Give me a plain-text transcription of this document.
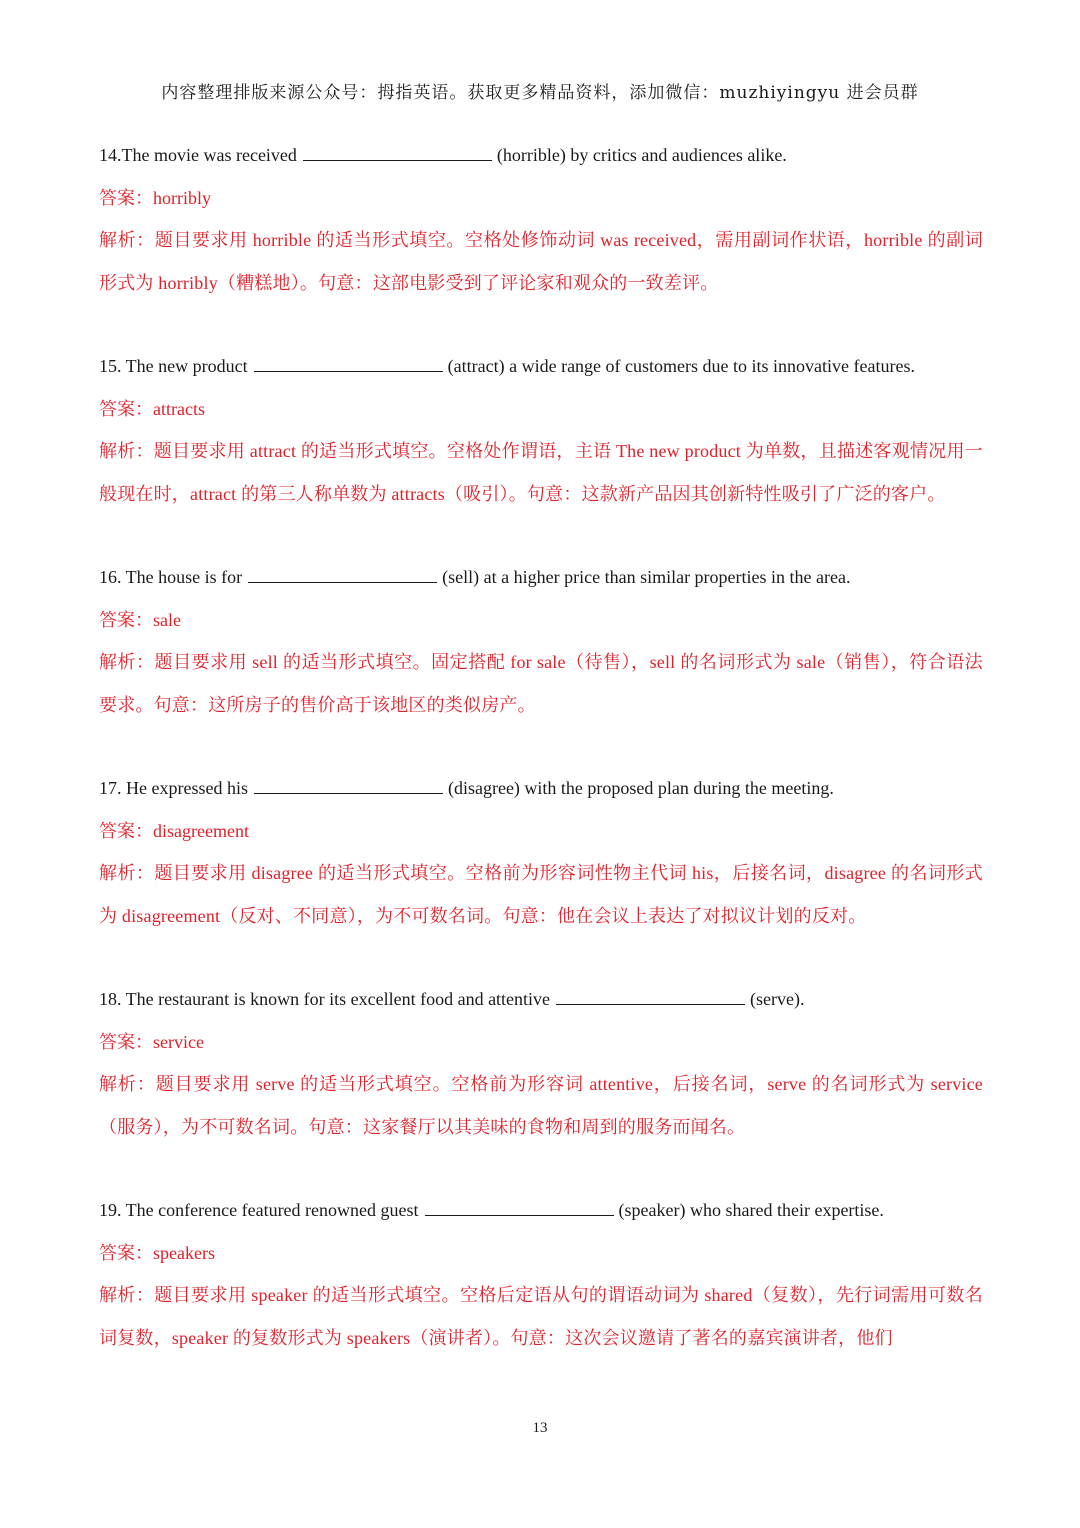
内容整理排版来源公众号：拇指英语。获取更多精品资料，添加微信：muzhiyingyu 进会员群
14.The movie was received	(horrible) by critics and audiences alike.
答案：horribly
解析：题目要求用 horrible 的适当形式填空。空格处修饰动词 was received，需用副词作状语，horrible 的副词形式为 horribly（糟糕地）。句意：这部电影受到了评论家和观众的一致差评。
15. The new product	(attract) a wide range of customers due to its innovative features.
答案：attracts
解析：题目要求用 attract 的适当形式填空。空格处作谓语，主语 The new product 为单数，且描述客观情况用一般现在时，attract 的第三人称单数为 attracts（吸引）。句意：这款新产品因其创新特性吸引了广泛的客户。
16. The house is for	(sell) at a higher price than similar properties in the area.
答案：sale
解析：题目要求用 sell 的适当形式填空。固定搭配 for sale（待售），sell 的名词形式为 sale（销售），符合语法要求。句意：这所房子的售价高于该地区的类似房产。
17. He expressed his	(disagree) with the proposed plan during the meeting.
答案：disagreement
解析：题目要求用 disagree 的适当形式填空。空格前为形容词性物主代词 his，后接名词，disagree 的名词形式为 disagreement（反对、不同意），为不可数名词。句意：他在会议上表达了对拟议计划的反对。
18. The restaurant is known for its excellent food and attentive	(serve).
答案：service
解析：题目要求用 serve 的适当形式填空。空格前为形容词 attentive，后接名词，serve 的名词形式为 service（服务），为不可数名词。句意：这家餐厅以其美味的食物和周到的服务而闻名。
19. The conference featured renowned guest	(speaker) who shared their expertise.
答案：speakers
解析：题目要求用 speaker 的适当形式填空。空格后定语从句的谓语动词为 shared（复数），先行词需用可数名词复数，speaker 的复数形式为 speakers（演讲者）。句意：这次会议邀请了著名的嘉宾演讲者，他们
13
